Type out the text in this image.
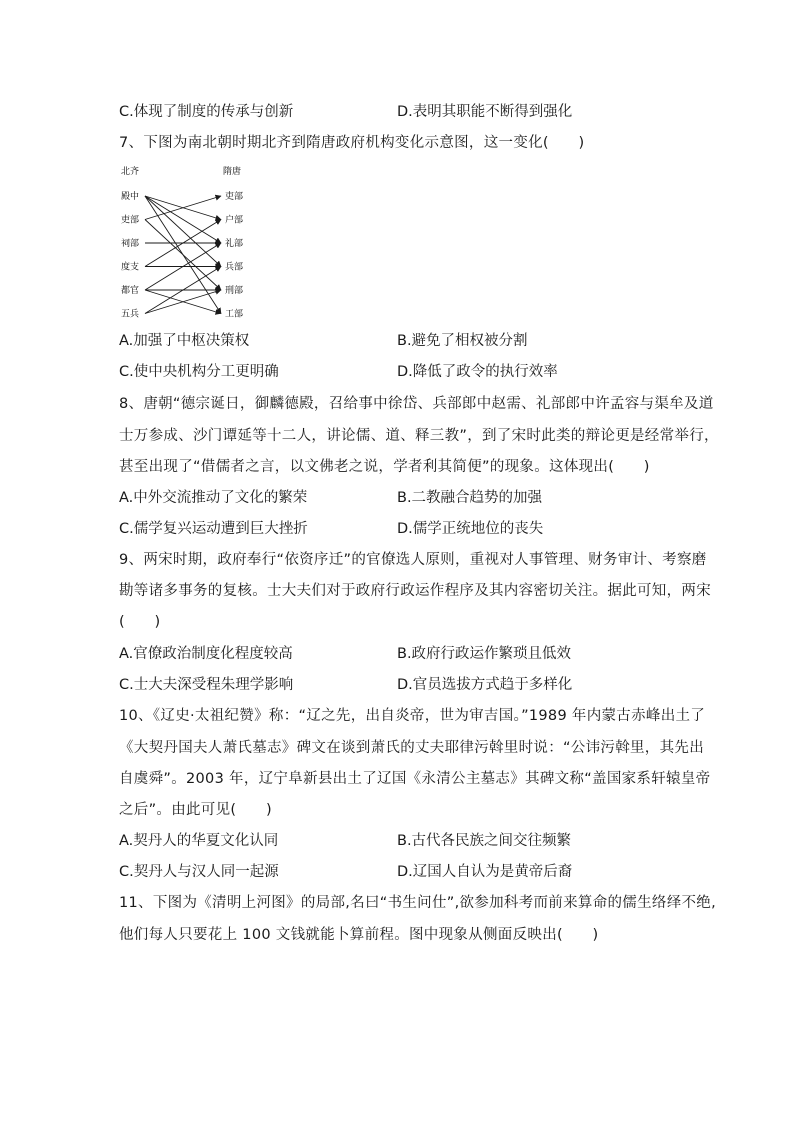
C.体现了制度的传承与创新	D.表明其职能不断得到强化
7、下图为南北朝时期北齐到隋唐政府机构变化示意图，这一变化(　　)
北齐	隋唐
殿中
吏部
祠部
度支
都官
五兵
吏部
户部
礼部
兵部
刑部
工部
A.加强了中枢决策权	B.避免了相权被分割
C.使中央机构分工更明确	D.降低了政令的执行效率
8、唐朝“德宗诞日，御麟德殿，召给事中徐岱、兵部郎中赵需、礼部郎中许孟容与渠牟及道
士万参成、沙门谭延等十二人，讲论儒、道、释三教”，到了宋时此类的辩论更是经常举行，
甚至出现了“借儒者之言，以文佛老之说，学者利其简便”的现象。这体现出(　　)
A.中外交流推动了文化的繁荣	B.二教融合趋势的加强
C.儒学复兴运动遭到巨大挫折	D.儒学正统地位的丧失
9、两宋时期，政府奉行“依资序迁”的官僚选人原则，重视对人事管理、财务审计、考察磨
勘等诸多事务的复核。士大夫们对于政府行政运作程序及其内容密切关注。据此可知，两宋
(　　)
A.官僚政治制度化程度较高	B.政府行政运作繁琐且低效
C.士大夫深受程朱理学影响	D.官员选拔方式趋于多样化
10、《辽史·太祖纪赞》称：“辽之先，出自炎帝，世为审吉国。”1989 年内蒙古赤峰出土了
《大契丹国夫人萧氏墓志》碑文在谈到萧氏的丈夫耶律污斡里时说：“公讳污斡里，其先出
自虞舜”。2003 年，辽宁阜新县出土了辽国《永清公主墓志》其碑文称“盖国家系轩辕皇帝
之后”。由此可见(　　)
A.契丹人的华夏文化认同	B.古代各民族之间交往频繁
C.契丹人与汉人同一起源	D.辽国人自认为是黄帝后裔
11、下图为《清明上河图》的局部,名曰“书生问仕”,欲参加科考而前来算命的儒生络绎不绝,
他们每人只要花上 100 文钱就能卜算前程。图中现象从侧面反映出(　　)
